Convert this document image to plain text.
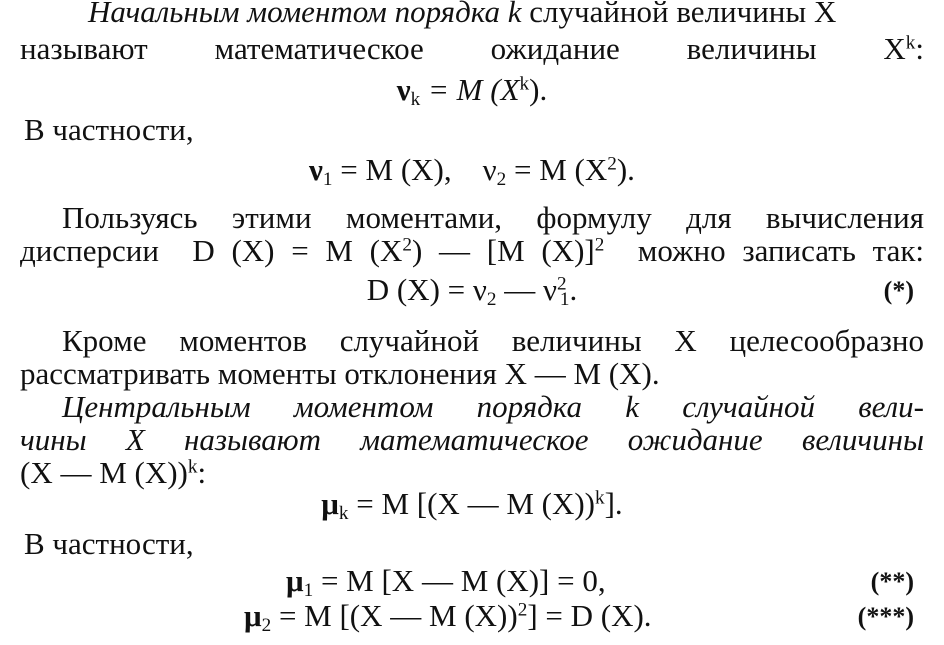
Начальным моментом порядка k случайной величины X
называют математическое ожидание величины $X^k$:
$\nu_k = M$ $(X^k)$.
В частности,
$\nu_1 = M$ (X),    $\nu_2 = M$ $(X^2)$.
Пользуясь этими моментами, формулу для вычисления
дисперсии  D (X) = M $(X^2)$ — [M (X)]$^2$  можно записать так:
D $(X) = \nu_2$ — $\nu^2_1$.	(*)
Кроме моментов случайной величины X целесообразно
рассматривать моменты отклонения X — M (X).
Центральным моментом порядка k случайной вели-
чины X называют математическое ожидание величины
(X — M (X))$^k$:
$\mu_k = M$ [(X — M (X))$^k$].
В частности,
$\mu_1 = M$ [X — M (X)] = 0,	(**)
$\mu_2 = M$ [(X — M (X))$^2$] = D (X).	(***)
